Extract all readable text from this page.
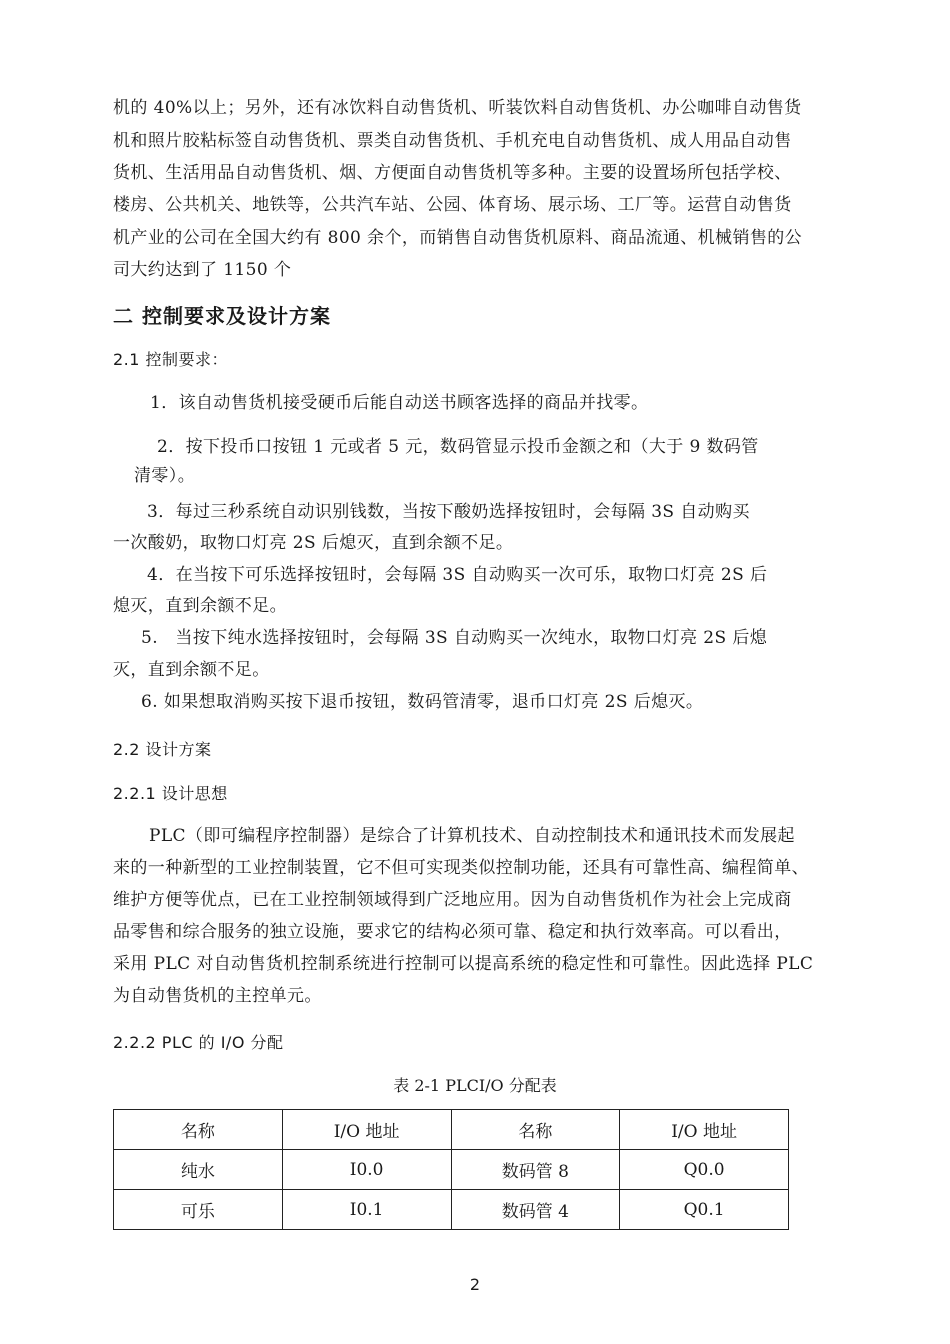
机的 40%以上；另外，还有冰饮料自动售货机、听装饮料自动售货机、办公咖啡自动售货
机和照片胶粘标签自动售货机、票类自动售货机、手机充电自动售货机、成人用品自动售
货机、生活用品自动售货机、烟、方便面自动售货机等多种。主要的设置场所包括学校、
楼房、公共机关、地铁等，公共汽车站、公园、体育场、展示场、工厂等。运营自动售货
机产业的公司在全国大约有 800 余个，而销售自动售货机原料、商品流通、机械销售的公
司大约达到了 1150 个
二 控制要求及设计方案
2.1 控制要求：
1．该自动售货机接受硬币后能自动送书顾客选择的商品并找零。
2．按下投币口按钮 1 元或者 5 元，数码管显示投币金额之和（大于 9 数码管
清零）。
3．每过三秒系统自动识别钱数，当按下酸奶选择按钮时，会每隔 3S 自动购买
一次酸奶，取物口灯亮 2S 后熄灭，直到余额不足。
4．在当按下可乐选择按钮时，会每隔 3S 自动购买一次可乐，取物口灯亮 2S 后
熄灭，直到余额不足。
5.　当按下纯水选择按钮时，会每隔 3S 自动购买一次纯水，取物口灯亮 2S 后熄
灭，直到余额不足。
6. 如果想取消购买按下退币按钮，数码管清零，退币口灯亮 2S 后熄灭。
2.2 设计方案
2.2.1 设计思想
PLC（即可编程序控制器）是综合了计算机技术、自动控制技术和通讯技术而发展起
来的一种新型的工业控制装置，它不但可实现类似控制功能，还具有可靠性高、编程简单、
维护方便等优点，已在工业控制领域得到广泛地应用。因为自动售货机作为社会上完成商
品零售和综合服务的独立设施，要求它的结构必须可靠、稳定和执行效率高。可以看出，
采用 PLC 对自动售货机控制系统进行控制可以提高系统的稳定性和可靠性。因此选择 PLC
为自动售货机的主控单元。
2.2.2 PLC 的 I/O 分配
表 2-1 PLCI/O 分配表
名称	I/O 地址	名称	I/O 地址
纯水	I0.0	数码管 8	Q0.0
可乐	I0.1	数码管 4	Q0.1
2
